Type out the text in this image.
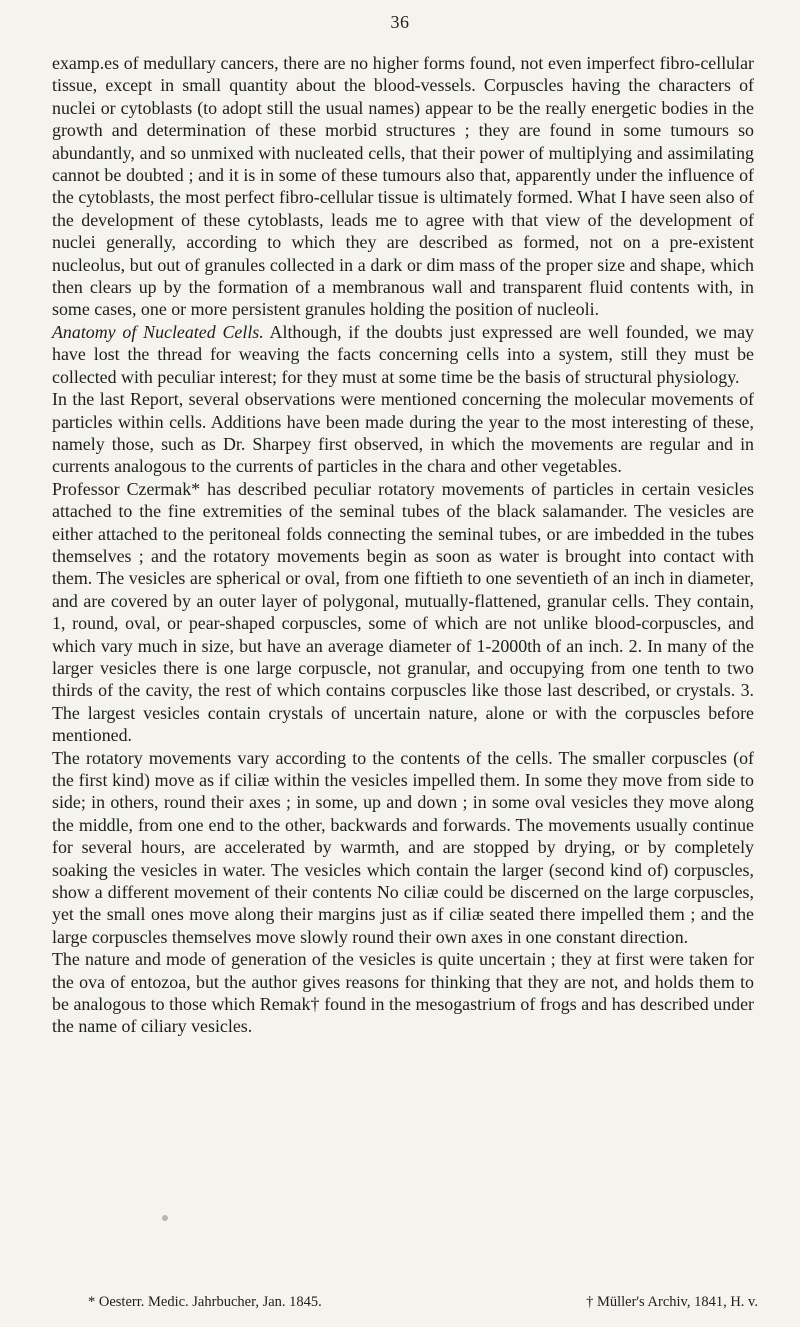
36

examp.es of medullary cancers, there are no higher forms found, not even imperfect fibro-cellular tissue, except in small quantity about the blood-vessels. Corpuscles having the characters of nuclei or cytoblasts (to adopt still the usual names) appear to be the really energetic bodies in the growth and determination of these morbid structures ; they are found in some tumours so abundantly, and so unmixed with nucleated cells, that their power of multiplying and assimilating cannot be doubted ; and it is in some of these tumours also that, apparently under the influence of the cytoblasts, the most perfect fibro-cellular tissue is ultimately formed. What I have seen also of the development of these cytoblasts, leads me to agree with that view of the development of nuclei generally, according to which they are described as formed, not on a pre-existent nucleolus, but out of granules collected in a dark or dim mass of the proper size and shape, which then clears up by the formation of a membranous wall and transparent fluid contents with, in some cases, one or more persistent granules holding the position of nucleoli.

Anatomy of Nucleated Cells. Although, if the doubts just expressed are well founded, we may have lost the thread for weaving the facts concerning cells into a system, still they must be collected with peculiar interest; for they must at some time be the basis of structural physiology.

In the last Report, several observations were mentioned concerning the molecular movements of particles within cells. Additions have been made during the year to the most interesting of these, namely those, such as Dr. Sharpey first observed, in which the movements are regular and in currents analogous to the currents of particles in the chara and other vegetables.

Professor Czermak* has described peculiar rotatory movements of particles in certain vesicles attached to the fine extremities of the seminal tubes of the black salamander. The vesicles are either attached to the peritoneal folds connecting the seminal tubes, or are imbedded in the tubes themselves ; and the rotatory movements begin as soon as water is brought into contact with them. The vesicles are spherical or oval, from one fiftieth to one seventieth of an inch in diameter, and are covered by an outer layer of polygonal, mutually-flattened, granular cells. They contain, 1, round, oval, or pear-shaped corpuscles, some of which are not unlike blood-corpuscles, and which vary much in size, but have an average diameter of 1-2000th of an inch. 2. In many of the larger vesicles there is one large corpuscle, not granular, and occupying from one tenth to two thirds of the cavity, the rest of which contains corpuscles like those last described, or crystals. 3. The largest vesicles contain crystals of uncertain nature, alone or with the corpuscles before mentioned.

The rotatory movements vary according to the contents of the cells. The smaller corpuscles (of the first kind) move as if ciliæ within the vesicles impelled them. In some they move from side to side; in others, round their axes ; in some, up and down ; in some oval vesicles they move along the middle, from one end to the other, backwards and forwards. The movements usually continue for several hours, are accelerated by warmth, and are stopped by drying, or by completely soaking the vesicles in water. The vesicles which contain the larger (second kind of) corpuscles, show a different movement of their contents No ciliæ could be discerned on the large corpuscles, yet the small ones move along their margins just as if ciliæ seated there impelled them ; and the large corpuscles themselves move slowly round their own axes in one constant direction.

The nature and mode of generation of the vesicles is quite uncertain ; they at first were taken for the ova of entozoa, but the author gives reasons for thinking that they are not, and holds them to be analogous to those which Remak† found in the mesogastrium of frogs and has described under the name of ciliary vesicles.

* Oesterr. Medic. Jahrbucher, Jan. 1845.	† Müller's Archiv, 1841, H. v.
